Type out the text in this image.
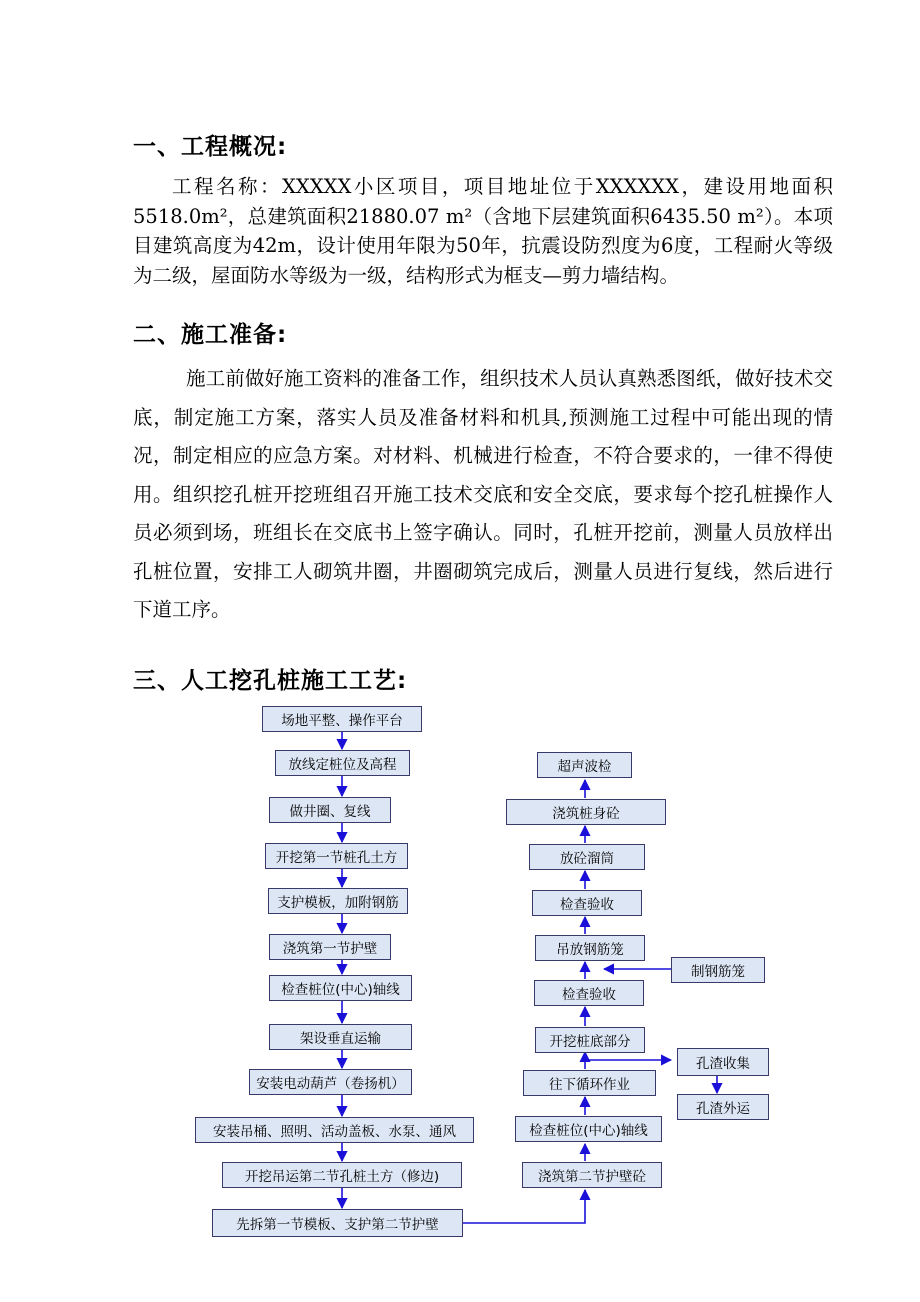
一、工程概况:

工程名称：XXXXX小区项目，项目地址位于XXXXXX，建设用地面积5518.0m²，总建筑面积21880.07 m²（含地下层建筑面积6435.50 m²）。本项目建筑高度为42m，设计使用年限为50年，抗震设防烈度为6度，工程耐火等级为二级，屋面防水等级为一级，结构形式为框支—剪力墙结构。

二、施工准备:

施工前做好施工资料的准备工作，组织技术人员认真熟悉图纸，做好技术交底，制定施工方案，落实人员及准备材料和机具,预测施工过程中可能出现的情况，制定相应的应急方案。对材料、机械进行检查，不符合要求的，一律不得使用。组织挖孔桩开挖班组召开施工技术交底和安全交底，要求每个挖孔桩操作人员必须到场，班组长在交底书上签字确认。同时，孔桩开挖前，测量人员放样出孔桩位置，安排工人砌筑井圈，井圈砌筑完成后，测量人员进行复线，然后进行下道工序。

三、人工挖孔桩施工工艺:
场地平整、操作平台
放线定桩位及高程
做井圈、复线
开挖第一节桩孔土方
支护模板，加附钢筋
浇筑第一节护壁
检查桩位(中心)轴线
架设垂直运输
安装电动葫芦（卷扬机）
安装吊桶、照明、活动盖板、水泵、通风
开挖吊运第二节孔桩土方（修边)
先拆第一节模板、支护第二节护壁
超声波检
浇筑桩身砼
放砼溜筒
检查验收
吊放钢筋笼
检查验收
开挖桩底部分
往下循环作业
检查桩位(中心)轴线
浇筑第二节护壁砼
制钢筋笼
孔渣收集
孔渣外运
